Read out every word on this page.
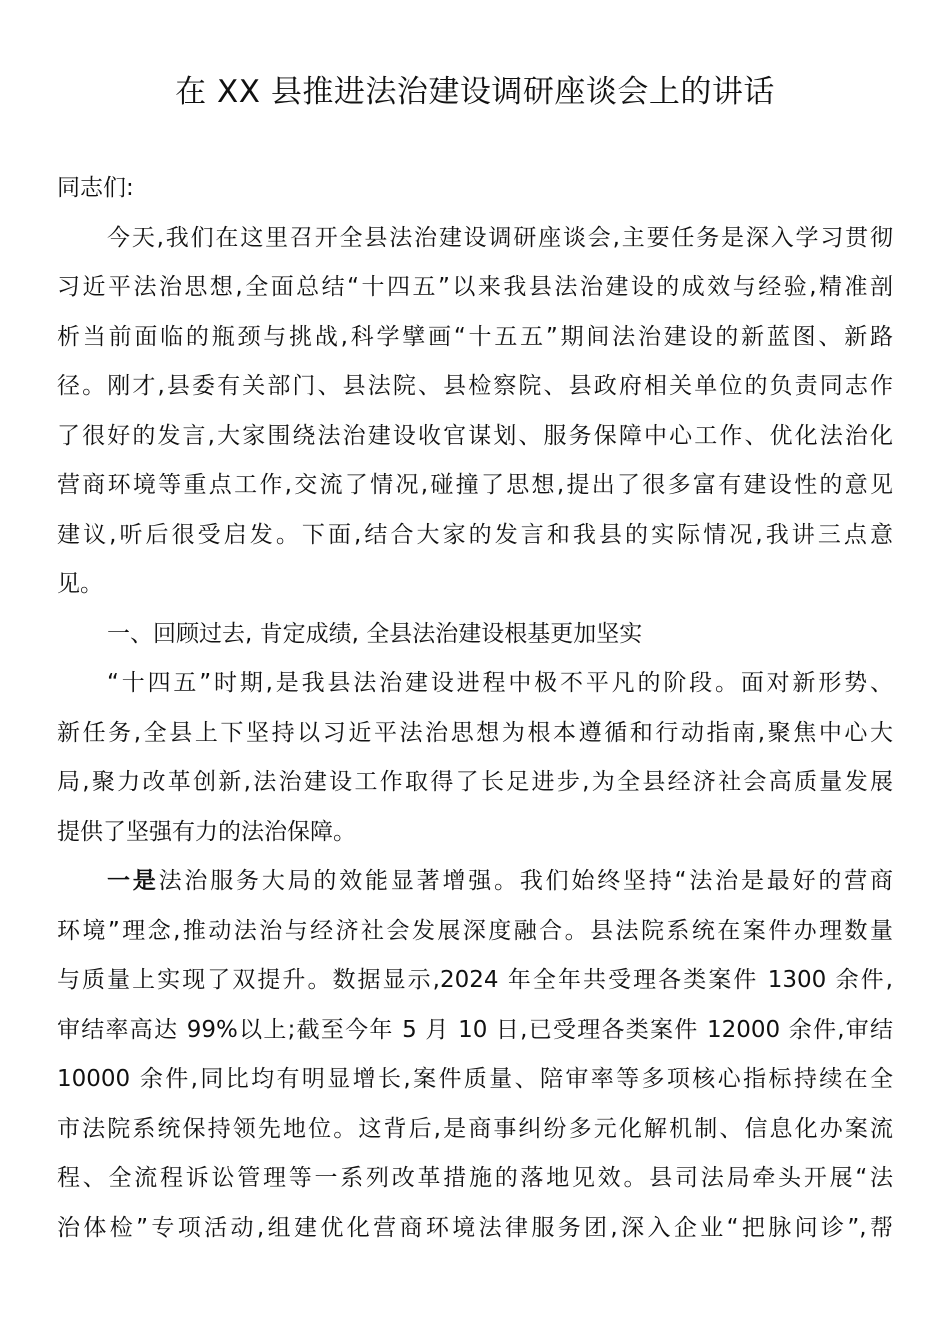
在 XX 县推进法治建设调研座谈会上的讲话
同志们:
今天,我们在这里召开全县法治建设调研座谈会,主要任务是深入学习贯彻
习近平法治思想,全面总结“十四五”以来我县法治建设的成效与经验,精准剖
析当前面临的瓶颈与挑战,科学擘画“十五五”期间法治建设的新蓝图、新路
径。刚才,县委有关部门、县法院、县检察院、县政府相关单位的负责同志作
了很好的发言,大家围绕法治建设收官谋划、服务保障中心工作、优化法治化
营商环境等重点工作,交流了情况,碰撞了思想,提出了很多富有建设性的意见
建议,听后很受启发。下面,结合大家的发言和我县的实际情况,我讲三点意
见。
一、回顾过去, 肯定成绩, 全县法治建设根基更加坚实
“十四五”时期,是我县法治建设进程中极不平凡的阶段。面对新形势、
新任务,全县上下坚持以习近平法治思想为根本遵循和行动指南,聚焦中心大
局,聚力改革创新,法治建设工作取得了长足进步,为全县经济社会高质量发展
提供了坚强有力的法治保障。
一是法治服务大局的效能显著增强。我们始终坚持“法治是最好的营商
环境”理念,推动法治与经济社会发展深度融合。县法院系统在案件办理数量
与质量上实现了双提升。数据显示,2024 年全年共受理各类案件 1300 余件,
审结率高达 99%以上;截至今年 5 月 10 日,已受理各类案件 12000 余件,审结
10000 余件,同比均有明显增长,案件质量、陪审率等多项核心指标持续在全
市法院系统保持领先地位。这背后,是商事纠纷多元化解机制、信息化办案流
程、全流程诉讼管理等一系列改革措施的落地见效。县司法局牵头开展“法
治体检”专项活动,组建优化营商环境法律服务团,深入企业“把脉问诊”,帮
